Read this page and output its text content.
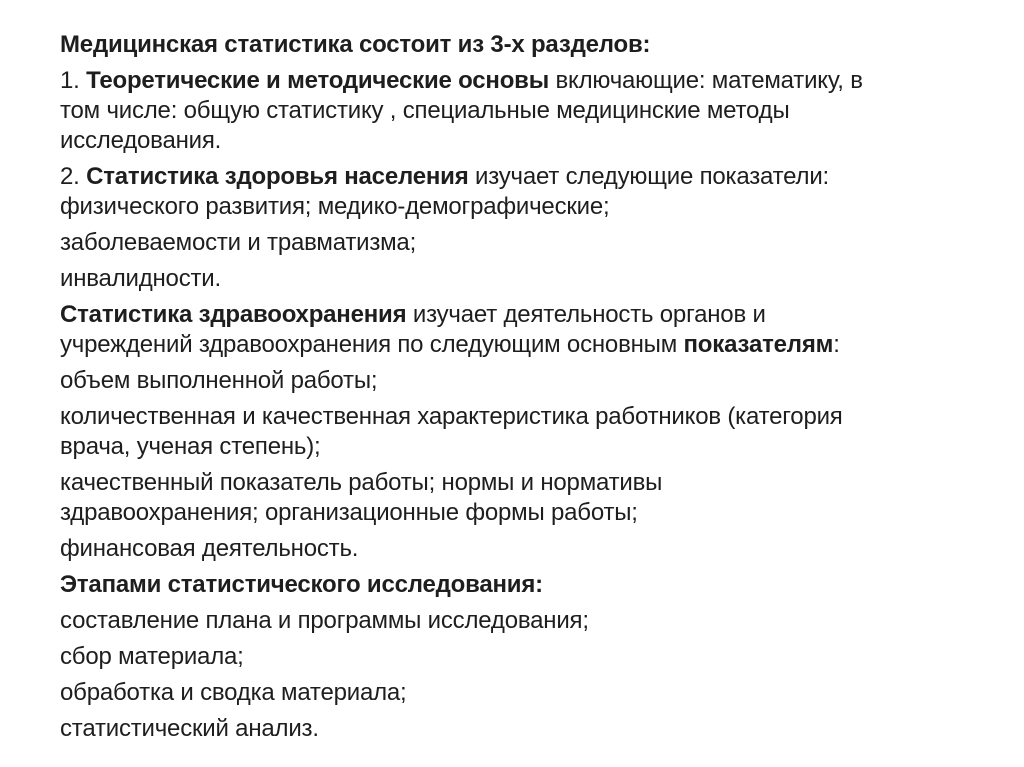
Медицинская статистика состоит из 3-х разделов:

1. Теоретические и методические основы включающие: математику, в
том числе: общую статистику , специальные медицинские методы
исследования.

2. Статистика здоровья населения изучает следующие показатели:
физического развития; медико-демографические;

заболеваемости и травматизма;

инвалидности.

Статистика здравоохранения изучает деятельность органов и
учреждений здравоохранения по следующим основным показателям:

объем выполненной работы;

количественная и качественная характеристика работников (категория
врача, ученая степень);

качественный показатель работы; нормы и нормативы
здравоохранения; организационные формы работы;

финансовая деятельность.

Этапами статистического исследования:

составление плана и программы исследования;

сбор материала;

обработка и сводка материала;

статистический анализ.
